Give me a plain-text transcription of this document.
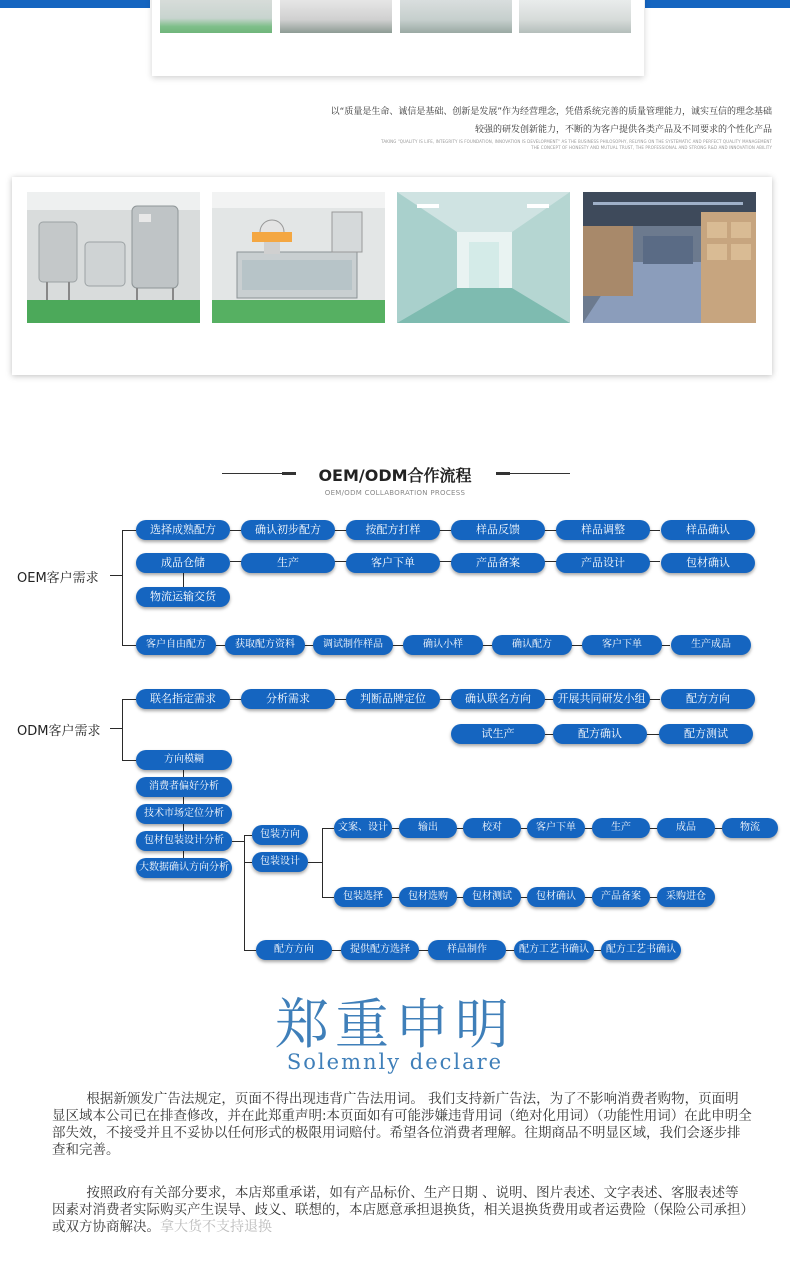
以“质量是生命、诚信是基础、创新是发展”作为经营理念，凭借系统完善的质量管理能力，诚实互信的理念基础
较强的研发创新能力，不断的为客户提供各类产品及不同要求的个性化产品
TAKING "QUALITY IS LIFE, INTEGRITY IS FOUNDATION, INNOVATION IS DEVELOPMENT" AS THE BUSINESS PHILOSOPHY, RELYING ON THE SYSTEMATIC AND PERFECT QUALITY MANAGEMENT
THE CONCEPT OF HONESTY AND MUTUAL TRUST, THE PROFESSIONAL AND STRONG R&D AND INNOVATION ABILITY
OEM/ODM合作流程
OEM/ODM COLLABORATION PROCESS
OEM客户需求
选择成熟配方	确认初步配方	按配方打样	样品反馈	样品调整	样品确认
成品仓储	生产	客户下单	产品备案	产品设计	包材确认
物流运输交货
客户自由配方	获取配方资料	调试制作样品	确认小样	确认配方	客户下单	生产成品
ODM客户需求
联名指定需求	分析需求	判断品牌定位	确认联名方向	开展共同研发小组	配方方向
试生产	配方确认	配方测试
方向模糊
消费者偏好分析
技术市场定位分析
包材包装设计分析
大数据确认方向分析
包装方向
包装设计
文案、设计	输出	校对	客户下单	生产	成品	物流
包装选择	包材选购	包材测试	包材确认	产品备案	采购进仓
配方方向	提供配方选择	样品制作	配方工艺书确认	配方工艺书确认
郑重申明
Solemnly declare
根据新颁发广告法规定，页面不得出现违背广告法用词。 我们支持新广告法，为了不影响消费者购物，页面明显区域本公司已在排查修改，并在此郑重声明:本页面如有可能涉嫌违背用词（绝对化用词）（功能性用词）在此申明全部失效，不接受并且不妥协以任何形式的极限用词赔付。希望各位消费者理解。往期商品不明显区域，我们会逐步排查和完善。
按照政府有关部分要求，本店郑重承诺，如有产品标价、生产日期 、说明、图片表述、文字表述、客服表述等因素对消费者实际购买产生误导、歧义、联想的，本店愿意承担退换货，相关退换货费用或者运费险（保险公司承担）或双方协商解决。拿大货不支持退换
